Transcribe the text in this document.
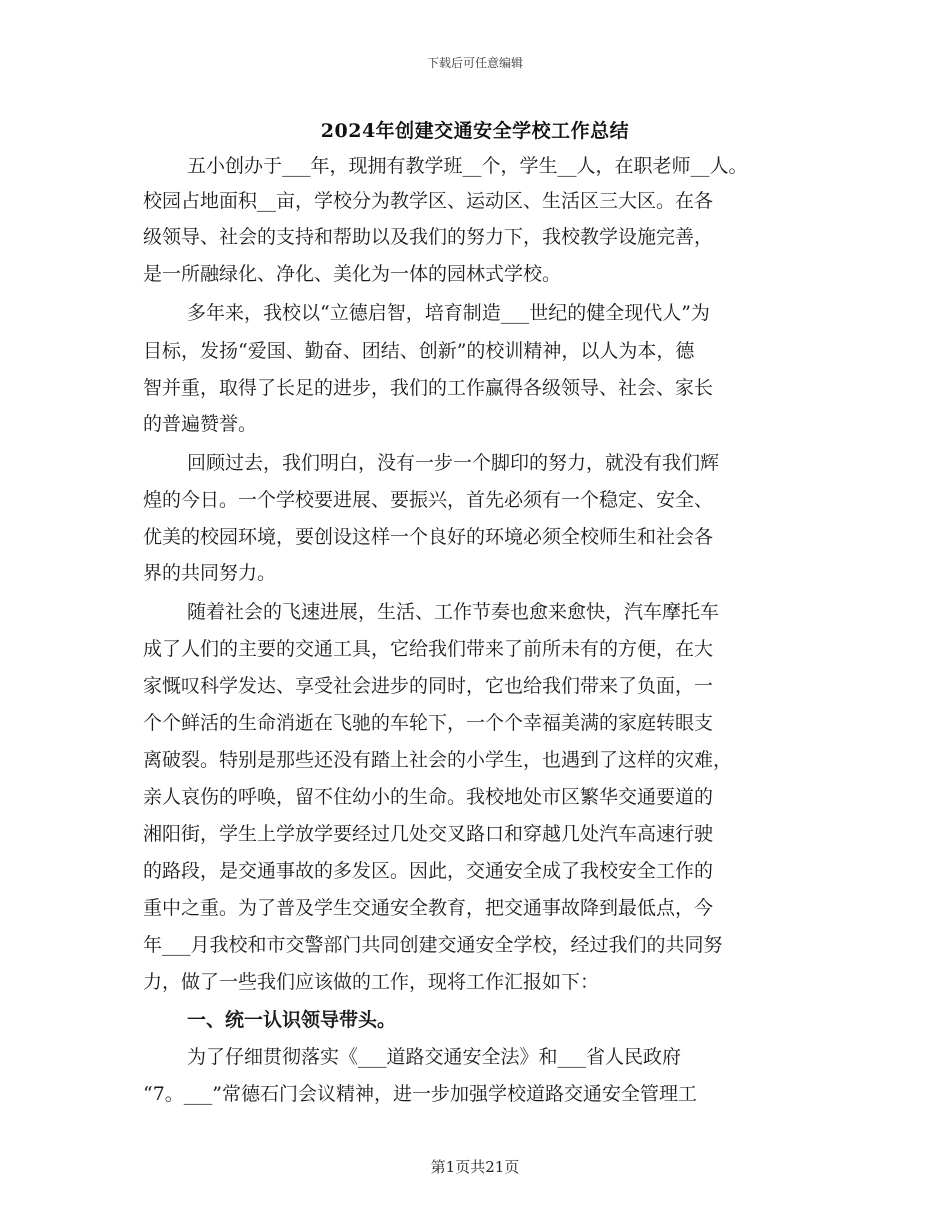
下载后可任意编辑
2024年创建交通安全学校工作总结
五小创办于___年，现拥有教学班__个，学生__人，在职老师__人。
校园占地面积__亩，学校分为教学区、运动区、生活区三大区。在各
级领导、社会的支持和帮助以及我们的努力下，我校教学设施完善，
是一所融绿化、净化、美化为一体的园林式学校。
多年来，我校以“立德启智，培育制造___世纪的健全现代人”为
目标，发扬“爱国、勤奋、团结、创新”的校训精神，以人为本，德
智并重，取得了长足的进步，我们的工作赢得各级领导、社会、家长
的普遍赞誉。
回顾过去，我们明白，没有一步一个脚印的努力，就没有我们辉
煌的今日。一个学校要进展、要振兴，首先必须有一个稳定、安全、
优美的校园环境，要创设这样一个良好的环境必须全校师生和社会各
界的共同努力。
随着社会的飞速进展，生活、工作节奏也愈来愈快，汽车摩托车
成了人们的主要的交通工具，它给我们带来了前所未有的方便，在大
家慨叹科学发达、享受社会进步的同时，它也给我们带来了负面，一
个个鲜活的生命消逝在飞驰的车轮下，一个个幸福美满的家庭转眼支
离破裂。特别是那些还没有踏上社会的小学生，也遇到了这样的灾难，
亲人哀伤的呼唤，留不住幼小的生命。我校地处市区繁华交通要道的
湘阳街，学生上学放学要经过几处交叉路口和穿越几处汽车高速行驶
的路段，是交通事故的多发区。因此，交通安全成了我校安全工作的
重中之重。为了普及学生交通安全教育，把交通事故降到最低点，今
年___月我校和市交警部门共同创建交通安全学校，经过我们的共同努
力，做了一些我们应该做的工作，现将工作汇报如下：
一、统一认识领导带头。
为了仔细贯彻落实《___道路交通安全法》和___省人民政府
“7。___”常德石门会议精神，进一步加强学校道路交通安全管理工
第1页共21页
